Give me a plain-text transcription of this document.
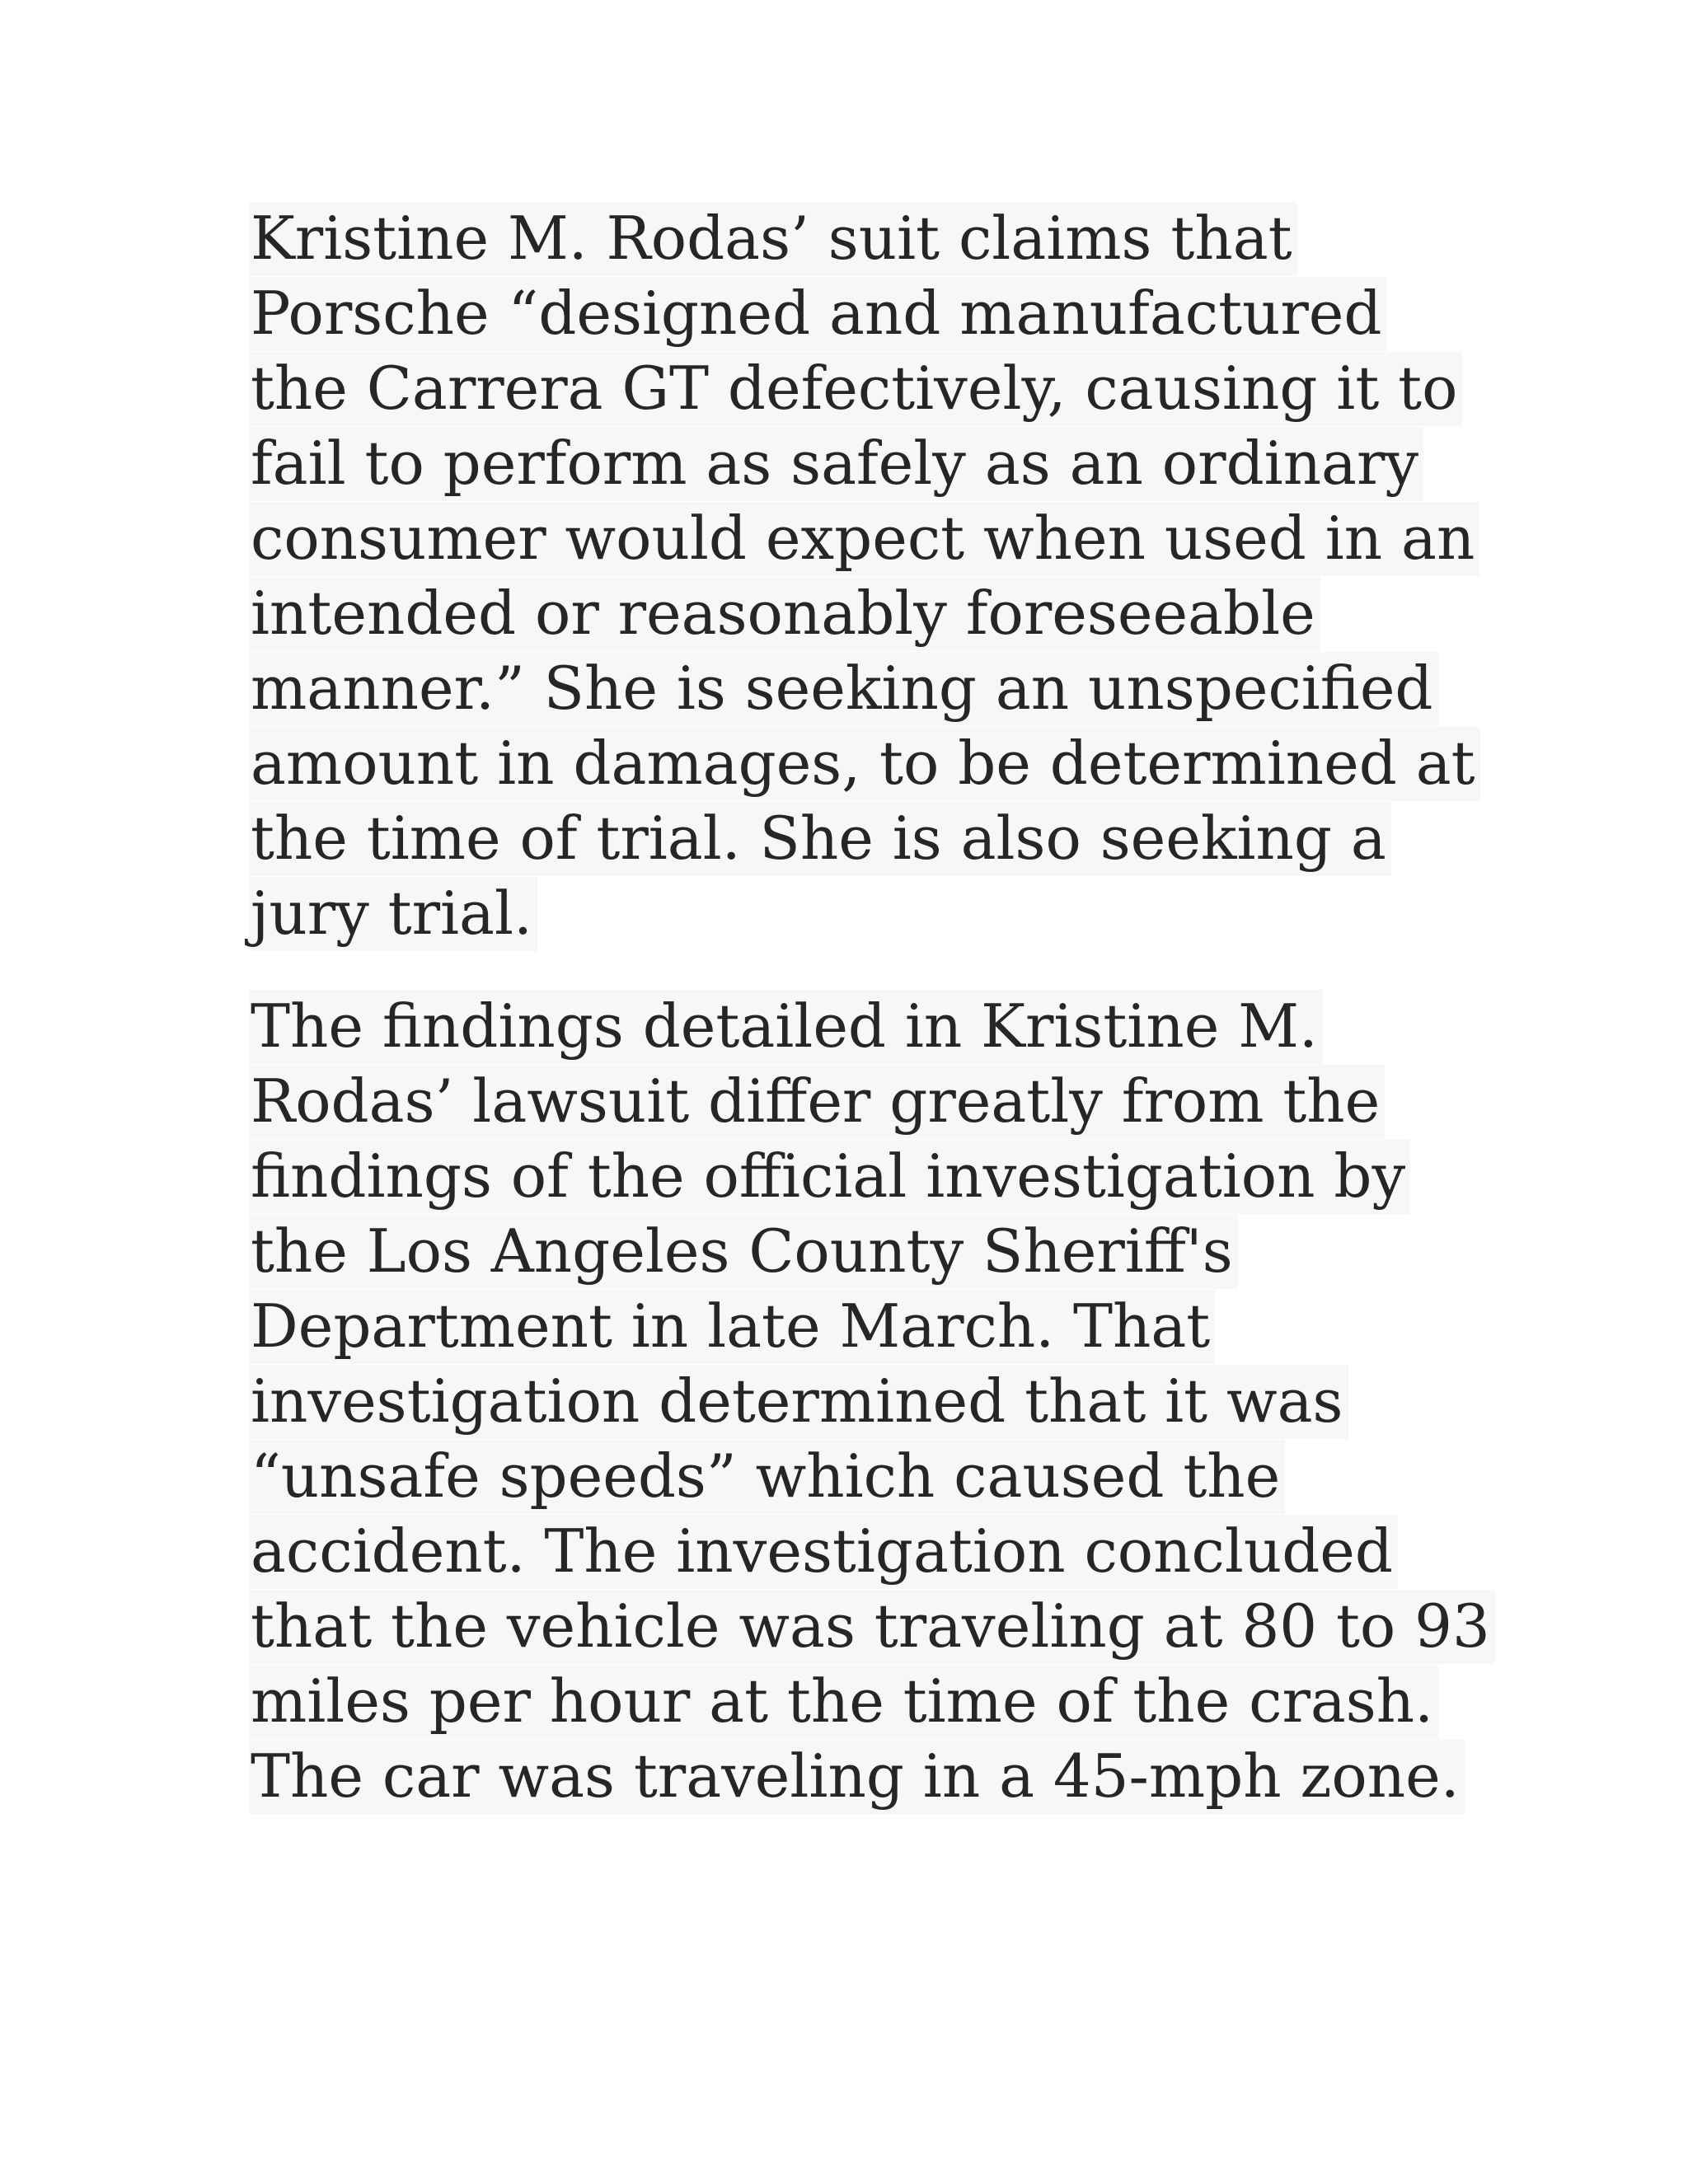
Kristine M. Rodas’ suit claims that
Porsche “designed and manufactured
the Carrera GT defectively, causing it to
fail to perform as safely as an ordinary
consumer would expect when used in an
intended or reasonably foreseeable
manner.” She is seeking an unspecified
amount in damages, to be determined at
the time of trial. She is also seeking a
jury trial.
The findings detailed in Kristine M.
Rodas’ lawsuit differ greatly from the
findings of the official investigation by
the Los Angeles County Sheriff's
Department in late March. That
investigation determined that it was
“unsafe speeds” which caused the
accident. The investigation concluded
that the vehicle was traveling at 80 to 93
miles per hour at the time of the crash.
The car was traveling in a 45-mph zone.
